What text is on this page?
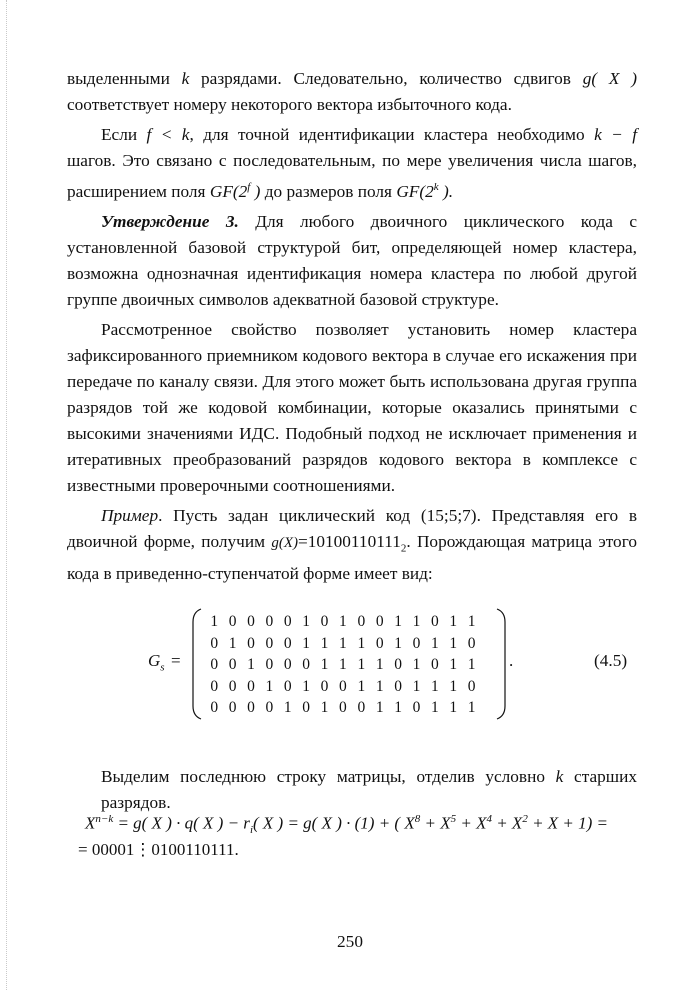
выделенными k разрядами. Следовательно, количество сдвигов g( X )
соответствует номеру некоторого вектора избыточного кода.
Если f < k, для точной идентификации кластера необходимо k − f
шагов. Это связано с последовательным, по мере увеличения числа шагов,
расширением поля GF(2$^f$ ) до размеров поля GF(2$^k$ ).

Утверждение 3. Для любого двоичного циклического кода с установленной базовой структурой бит, определяющей номер кластера, возможна однозначная идентификация номера кластера по любой другой группе двоичных символов адекватной базовой структуре.

Рассмотренное свойство позволяет установить номер кластера зафиксированного приемником кодового вектора в случае его искажения при передаче по каналу связи. Для этого может быть использована другая группа разрядов той же кодовой комбинации, которые оказались принятыми с высокими значениями ИДС. Подобный подход не исключает применения и итеративных преобразований разрядов кодового вектора в комплексе с известными проверочными соотношениями.

Пример. Пусть задан циклический код (15;5;7). Представляя его в двоичной форме, получим $g(X)=10100110111_2$. Порождающая матрица этого кода в приведенно-ступенчатой форме имеет вид:

$G_s$ =
1 0 0 0 0 1 0 1 0 0 1 1 0 1 1
0 1 0 0 0 1 1 1 1 0 1 0 1 1 0
0 0 1 0 0 0 1 1 1 1 0 1 0 1 1
0 0 0 1 0 1 0 0 1 1 0 1 1 1 0
0 0 0 0 1 0 1 0 0 1 1 0 1 1 1
.	(4.5)
Выделим последнюю строку матрицы, отделив условно k старших разрядов.
$X^{n-k} = g$( X ) · q( X ) − $r_i$( X ) = g( X ) · (1) + ( $X^8 + X^5 + X^4 + X^2 + X + 1$) =
= 00001⋮0100110111.
250
